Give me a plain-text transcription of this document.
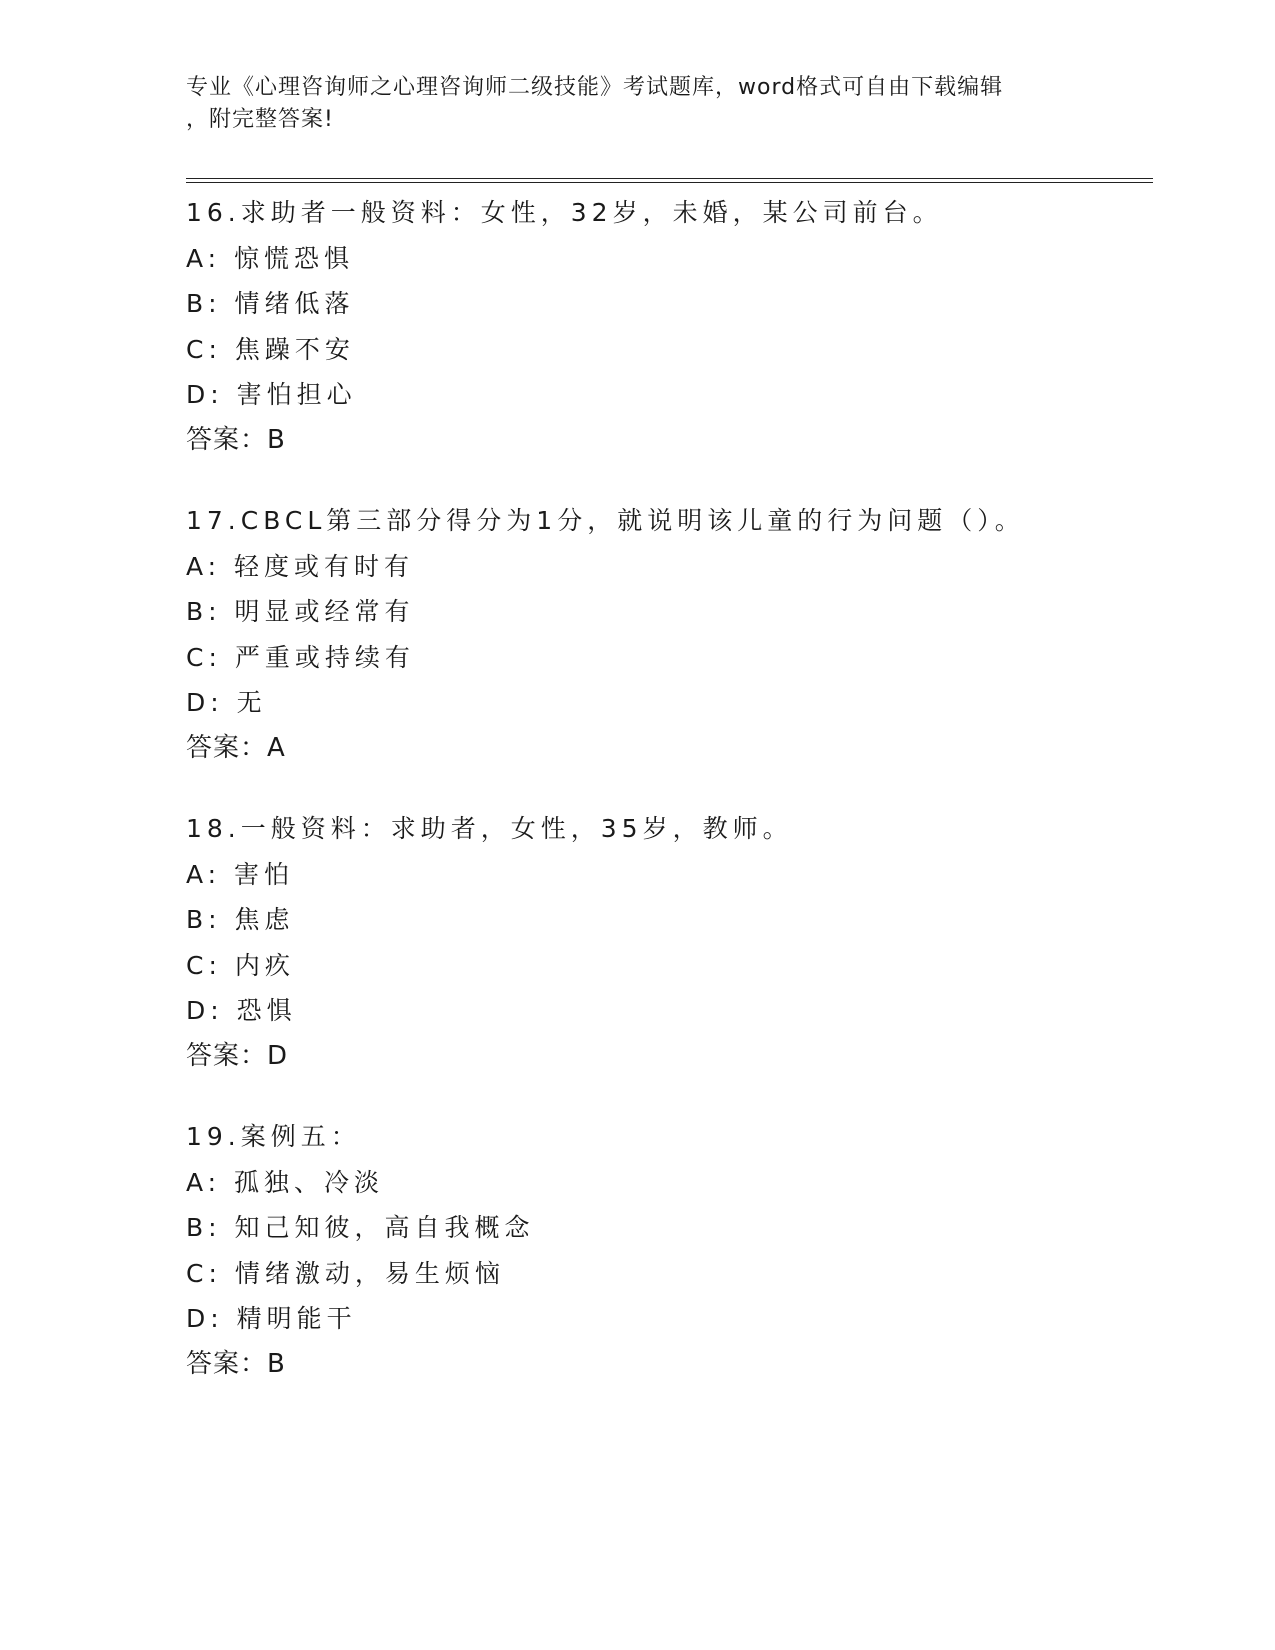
专业《心理咨询师之心理咨询师二级技能》考试题库，word格式可自由下载编辑
，附完整答案!
16.求助者一般资料：女性，32岁，未婚，某公司前台。
A: 惊慌恐惧
B: 情绪低落
C: 焦躁不安
D: 害怕担心
答案：B
17.CBCL第三部分得分为1分，就说明该儿童的行为问题（）。
A: 轻度或有时有
B: 明显或经常有
C: 严重或持续有
D: 无
答案：A
18.一般资料：求助者，女性，35岁，教师。
A: 害怕
B: 焦虑
C: 内疚
D: 恐惧
答案：D
19.案例五：
A: 孤独、冷淡
B: 知己知彼，高自我概念
C: 情绪激动，易生烦恼
D: 精明能干
答案：B
